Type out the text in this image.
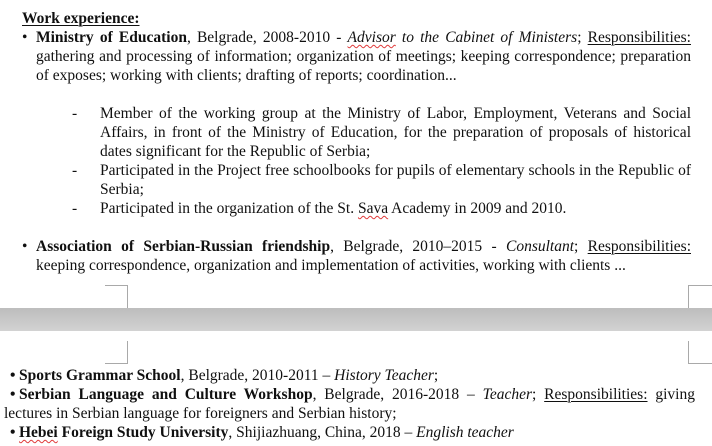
Work experience:

• Ministry of Education, Belgrade, 2008-2010 - Advisor to the Cabinet of Ministers; Responsibilities: gathering and processing of information; organization of meetings; keeping correspondence; preparation of exposes; working with clients; drafting of reports; coordination...

- Member of the working group at the Ministry of Labor, Employment, Veterans and Social Affairs, in front of the Ministry of Education, for the preparation of proposals of historical dates significant for the Republic of Serbia;

- Participated in the Project free schoolbooks for pupils of elementary schools in the Republic of Serbia;

- Participated in the organization of the St. Sava Academy in 2009 and 2010.

• Association of Serbian-Russian friendship, Belgrade, 2010–2015 - Consultant; Responsibilities: keeping correspondence, organization and implementation of activities, working with clients ...

• Sports Grammar School, Belgrade, 2010-2011 – History Teacher;

• Serbian Language and Culture Workshop, Belgrade, 2016-2018 – Teacher; Responsibilities: giving lectures in Serbian language for foreigners and Serbian history;

• Hebei Foreign Study University, Shijiazhuang, China, 2018 – English teacher
